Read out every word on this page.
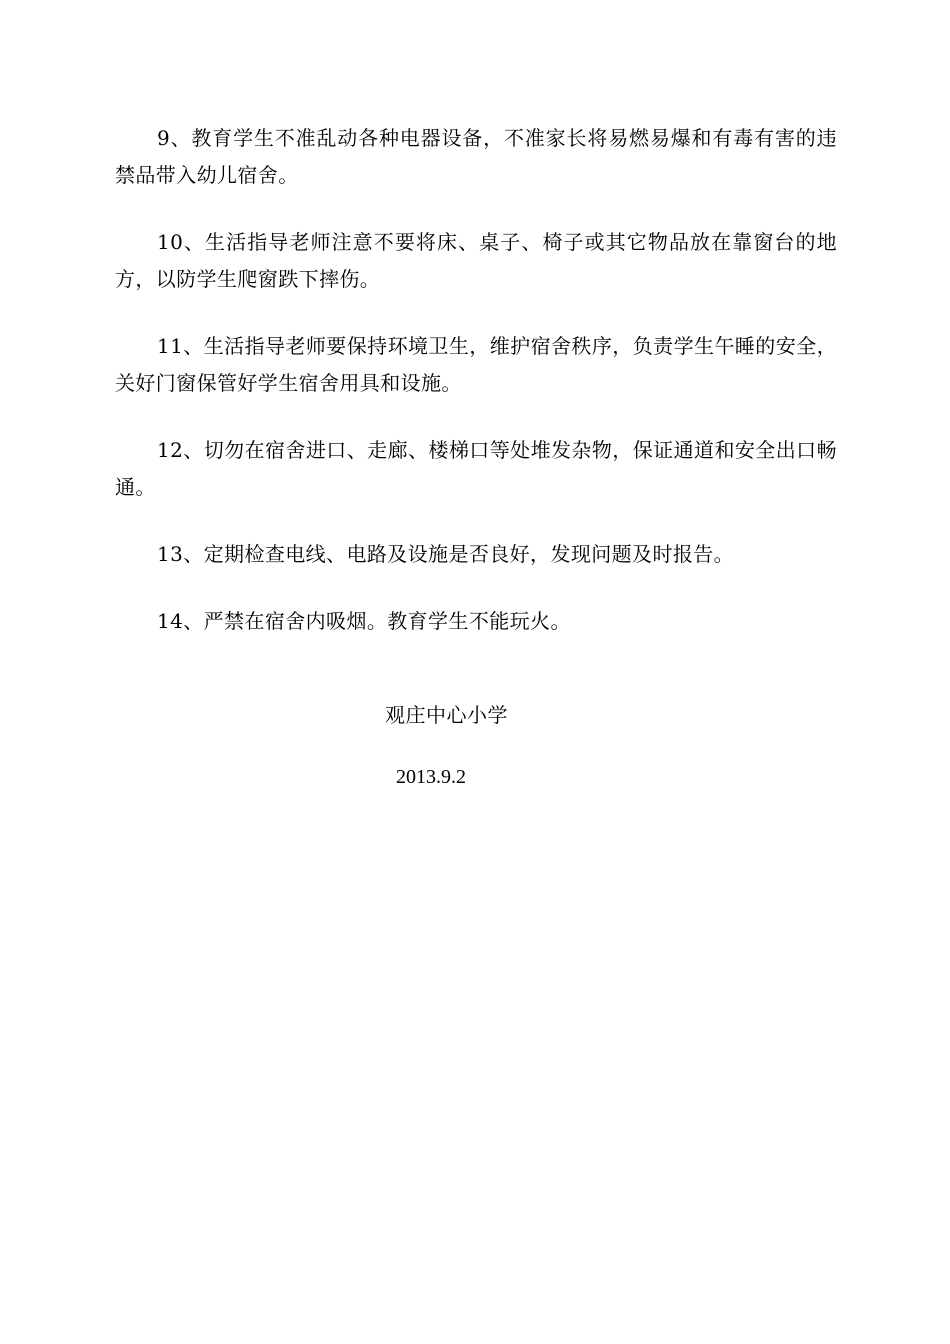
9、教育学生不准乱动各种电器设备，不准家长将易燃易爆和有毒有害的违禁品带入幼儿宿舍。

10、生活指导老师注意不要将床、桌子、椅子或其它物品放在靠窗台的地方，以防学生爬窗跌下摔伤。

11、生活指导老师要保持环境卫生，维护宿舍秩序，负责学生午睡的安全，关好门窗保管好学生宿舍用具和设施。

12、切勿在宿舍进口、走廊、楼梯口等处堆发杂物，保证通道和安全出口畅通。

13、定期检查电线、电路及设施是否良好，发现问题及时报告。

14、严禁在宿舍内吸烟。教育学生不能玩火。

观庄中心小学
2013.9.2
